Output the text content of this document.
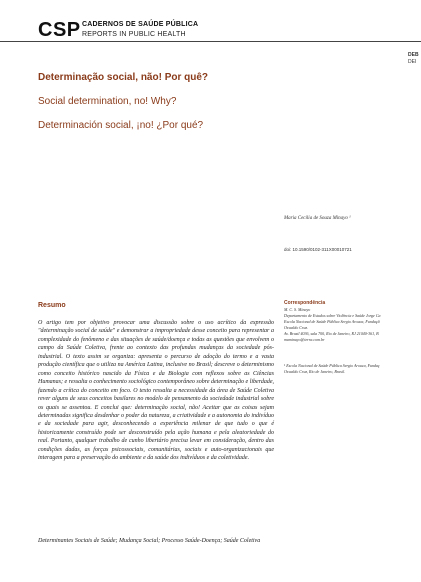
CSP CADERNOS DE SAÚDE PÚBLICA
REPORTS IN PUBLIC HEALTH
DEB
DEI
Determinação social, não! Por quê?
Social determination, no! Why?
Determinación social, ¡no! ¿Por qué?
Maria Cecília de Souza Minayo ¹
doi: 10.1590/0102-311X00010721
Resumo

O artigo tem por objetivo provocar uma discussão sobre o uso acrítico da expressão "determinação social de saúde" e demonstrar a impropriedade desse conceito para representar a complexidade do fenômeno e das situações de saúde/doença e todas as questões que envolvem o campo da Saúde Coletiva, frente ao contexto das profundas mudanças da sociedade pós-industrial. O texto assim se organiza: apresenta o percurso de adoção do termo e a vasta produção científica que o utiliza na América Latina, inclusive no Brasil; descreve o determinismo como conceito histórico nascido da Física e da Biologia com reflexos sobre as Ciências Humanas; e ressalta o conhecimento sociológico contemporâneo sobre determinação e liberdade, fazendo a crítica do conceito em foco. O texto ressalta a necessidade da área de Saúde Coletiva rever alguns de seus conceitos basilares no modelo de pensamento da sociedade industrial sobre os quais se assentou. E conclui que: determinação social, não! Aceitar que as coisas sejam determinadas significa desdenhar o poder da natureza, a criatividade e a autonomia do indivíduo e da sociedade para agir, desconhecendo a experiência milenar de que tudo o que é historicamente construído pode ser desconstruído pela ação humana e pela aleatoriedade do real. Portanto, qualquer trabalho de cunho libertário precisa levar em consideração, dentro das condições dadas, as forças psicossociais, comunitárias, sociais e auto-organizacionais que interagem para a preservação do ambiente e da saúde dos indivíduos e da coletividade.

Determinantes Sociais de Saúde; Mudança Social; Processo Saúde-Doença; Saúde Coletiva
Correspondência
M. C. S. Minayo
Departamento de Estudos sobre Violência e Saúde Jorge Ca
Escola Nacional de Saúde Pública Sergio Arouca, Fundaçã
Oswaldo Cruz.
Av. Brasil 4036, sala 700, Rio de Janeiro, RJ 21040-361, B
maminayo@terra.com.br
¹ Escola Nacional de Saúde Pública Sergio Arouca, Fundaç
Oswaldo Cruz, Rio de Janeiro, Brasil.
